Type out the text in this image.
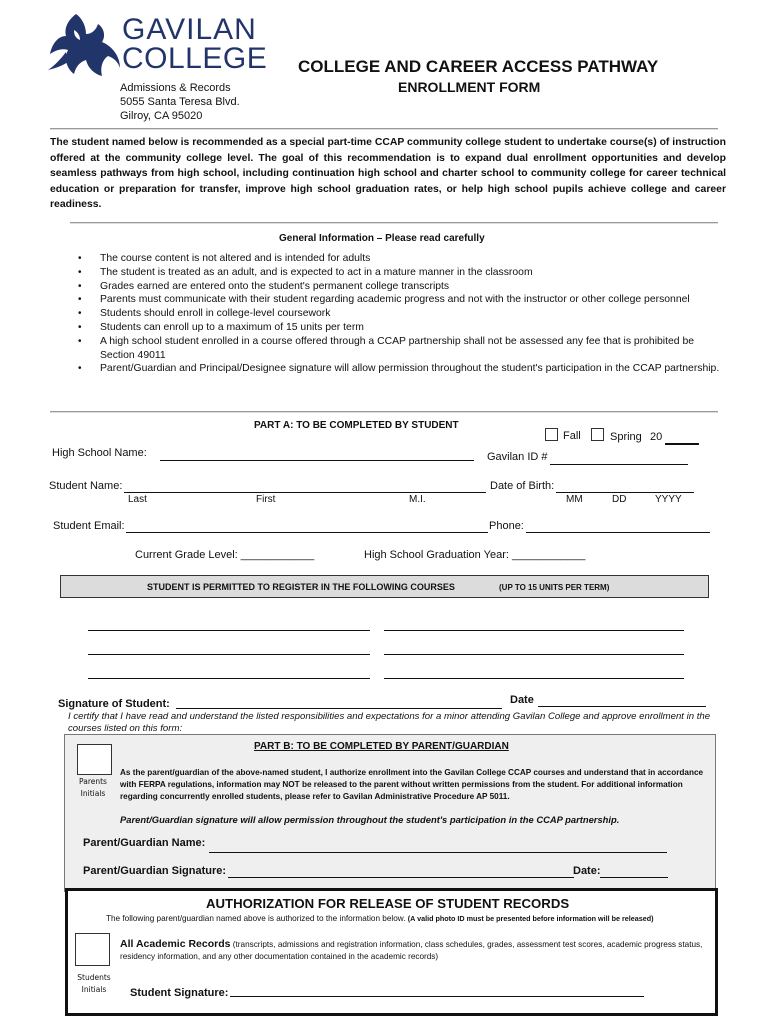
GAVILAN
COLLEGE
Admissions & Records
5055 Santa Teresa Blvd.
Gilroy, CA 95020
COLLEGE AND CAREER ACCESS PATHWAY
ENROLLMENT FORM
The student named below is recommended as a special part-time CCAP community college student to undertake course(s) of instruction offered at the community college level. The goal of this recommendation is to expand dual enrollment opportunities and develop seamless pathways from high school, including continuation high school and charter school to community college for career technical education or preparation for transfer, improve high school graduation rates, or help high school pupils achieve college and career readiness.
General Information – Please read carefully
• The course content is not altered and is intended for adults
• The student is treated as an adult, and is expected to act in a mature manner in the classroom
• Grades earned are entered onto the student's permanent college transcripts
• Parents must communicate with their student regarding academic progress and not with the instructor or other college personnel
• Students should enroll in college-level coursework
• Students can enroll up to a maximum of 15 units per term
• A high school student enrolled in a course offered through a CCAP partnership shall not be assessed any fee that is prohibited be Section 49011
• Parent/Guardian and Principal/Designee signature will allow permission throughout the student's participation in the CCAP partnership.
PART A: TO BE COMPLETED BY STUDENT
Fall	Spring 20
High School Name:	Gavilan ID #
Student Name:
Last	First	M.I.
Date of Birth:
MM	DD	YYYY
Student Email:	Phone:
Current Grade Level: ____________	High School Graduation Year: ____________
STUDENT IS PERMITTED TO REGISTER IN THE FOLLOWING COURSES	(UP TO 15 UNITS PER TERM)
Signature of Student:	Date
I certify that I have read and understand the listed responsibilities and expectations for a minor attending Gavilan College and approve enrollment in the courses listed on this form:
PART B: TO BE COMPLETED BY PARENT/GUARDIAN
Parents Initials
As the parent/guardian of the above-named student, I authorize enrollment into the Gavilan College CCAP courses and understand that in accordance with FERPA regulations, information may NOT be released to the parent without written permissions from the student. For additional information regarding concurrently enrolled students, please refer to Gavilan Administrative Procedure AP 5011.
Parent/Guardian signature will allow permission throughout the student's participation in the CCAP partnership.
Parent/Guardian Name:
Parent/Guardian Signature:	Date:
AUTHORIZATION FOR RELEASE OF STUDENT RECORDS
The following parent/guardian named above is authorized to the information below. (A valid photo ID must be presented before information will be released)
Students Initials
All Academic Records (transcripts, admissions and registration information, class schedules, grades, assessment test scores, academic progress status, residency information, and any other documentation contained in the academic records)
Student Signature:
